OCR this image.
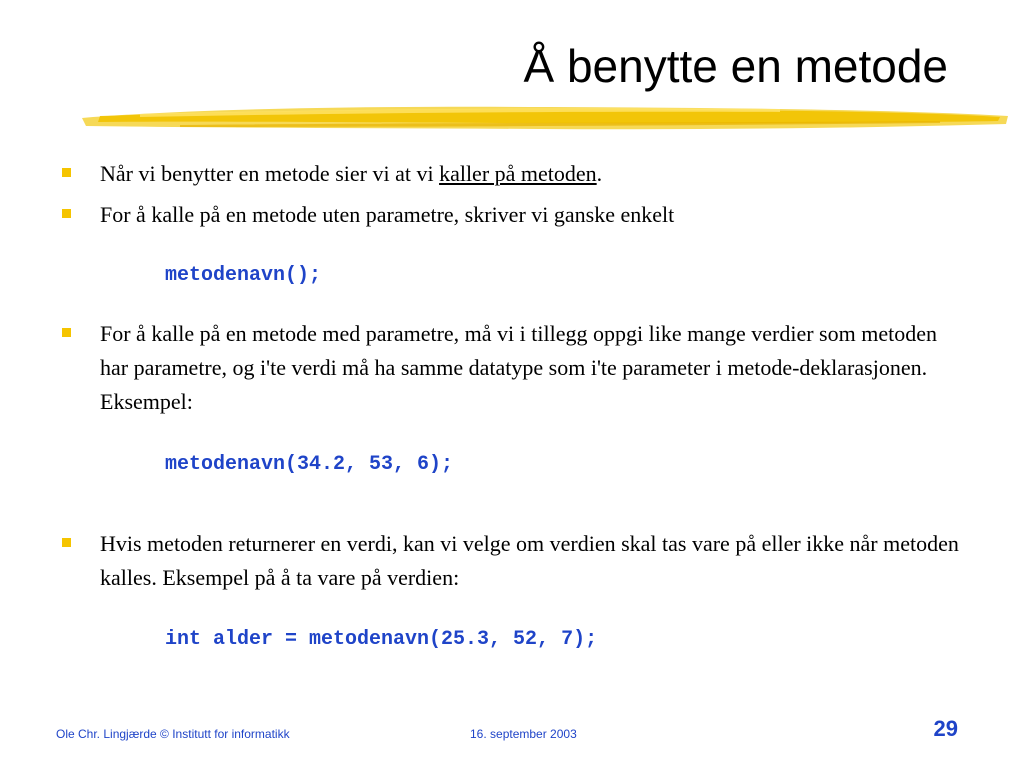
Å benytte en metode
Når vi benytter en metode sier vi at vi kaller på metoden.
For å kalle på en metode uten parametre, skriver vi ganske enkelt
metodenavn();
For å kalle på en metode med parametre, må vi i tillegg oppgi like mange verdier som metoden har parametre, og i'te verdi må ha samme datatype som i'te parameter i metode-deklarasjonen. Eksempel:
metodenavn(34.2, 53, 6);
Hvis metoden returnerer en verdi, kan vi velge om verdien skal tas vare på eller ikke når metoden kalles. Eksempel på å ta vare på verdien:
int alder = metodenavn(25.3, 52, 7);
Ole Chr. Lingjærde © Institutt for informatikk	16. september 2003	29
